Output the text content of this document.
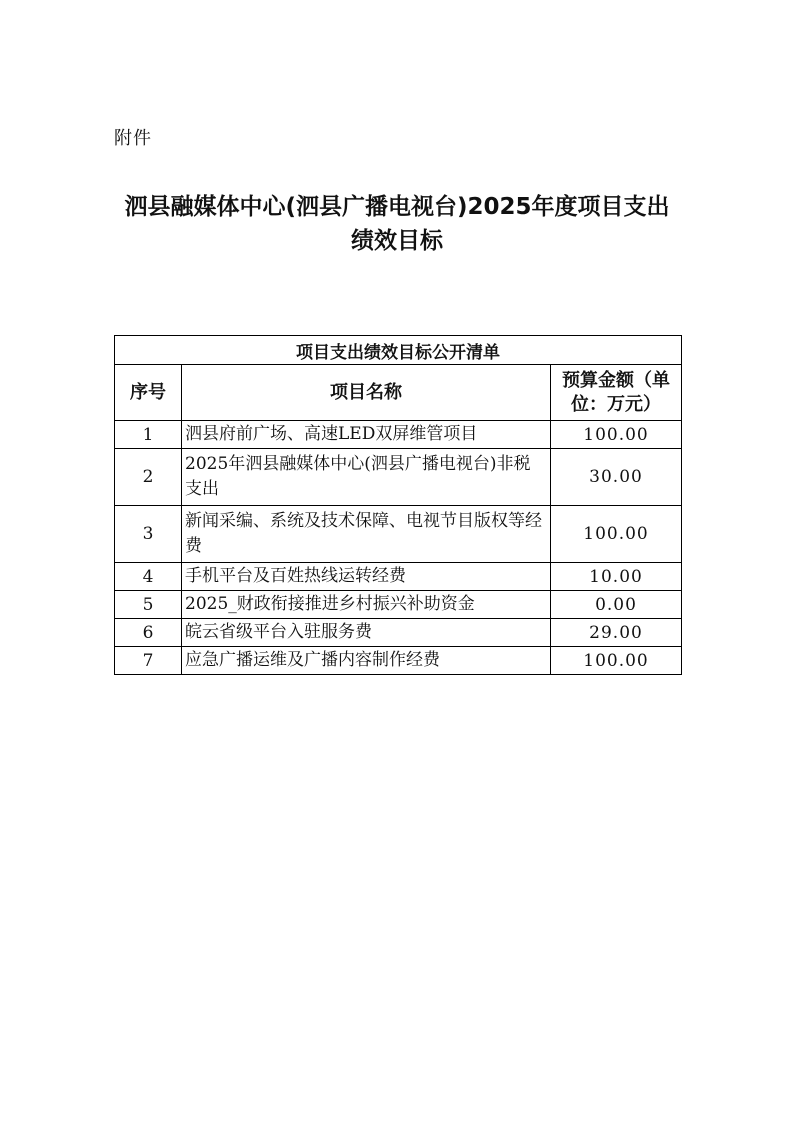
附件
泗县融媒体中心(泗县广播电视台)2025年度项目支出
绩效目标
项目支出绩效目标公开清单		
序号	项目名称	预算金额（单位：万元）
1	泗县府前广场、高速LED双屏维管项目	100.00
2	2025年泗县融媒体中心(泗县广播电视台)非税支出	30.00
3	新闻采编、系统及技术保障、电视节目版权等经费	100.00
4	手机平台及百姓热线运转经费	10.00
5	2025_财政衔接推进乡村振兴补助资金	0.00
6	皖云省级平台入驻服务费	29.00
7	应急广播运维及广播内容制作经费	100.00
